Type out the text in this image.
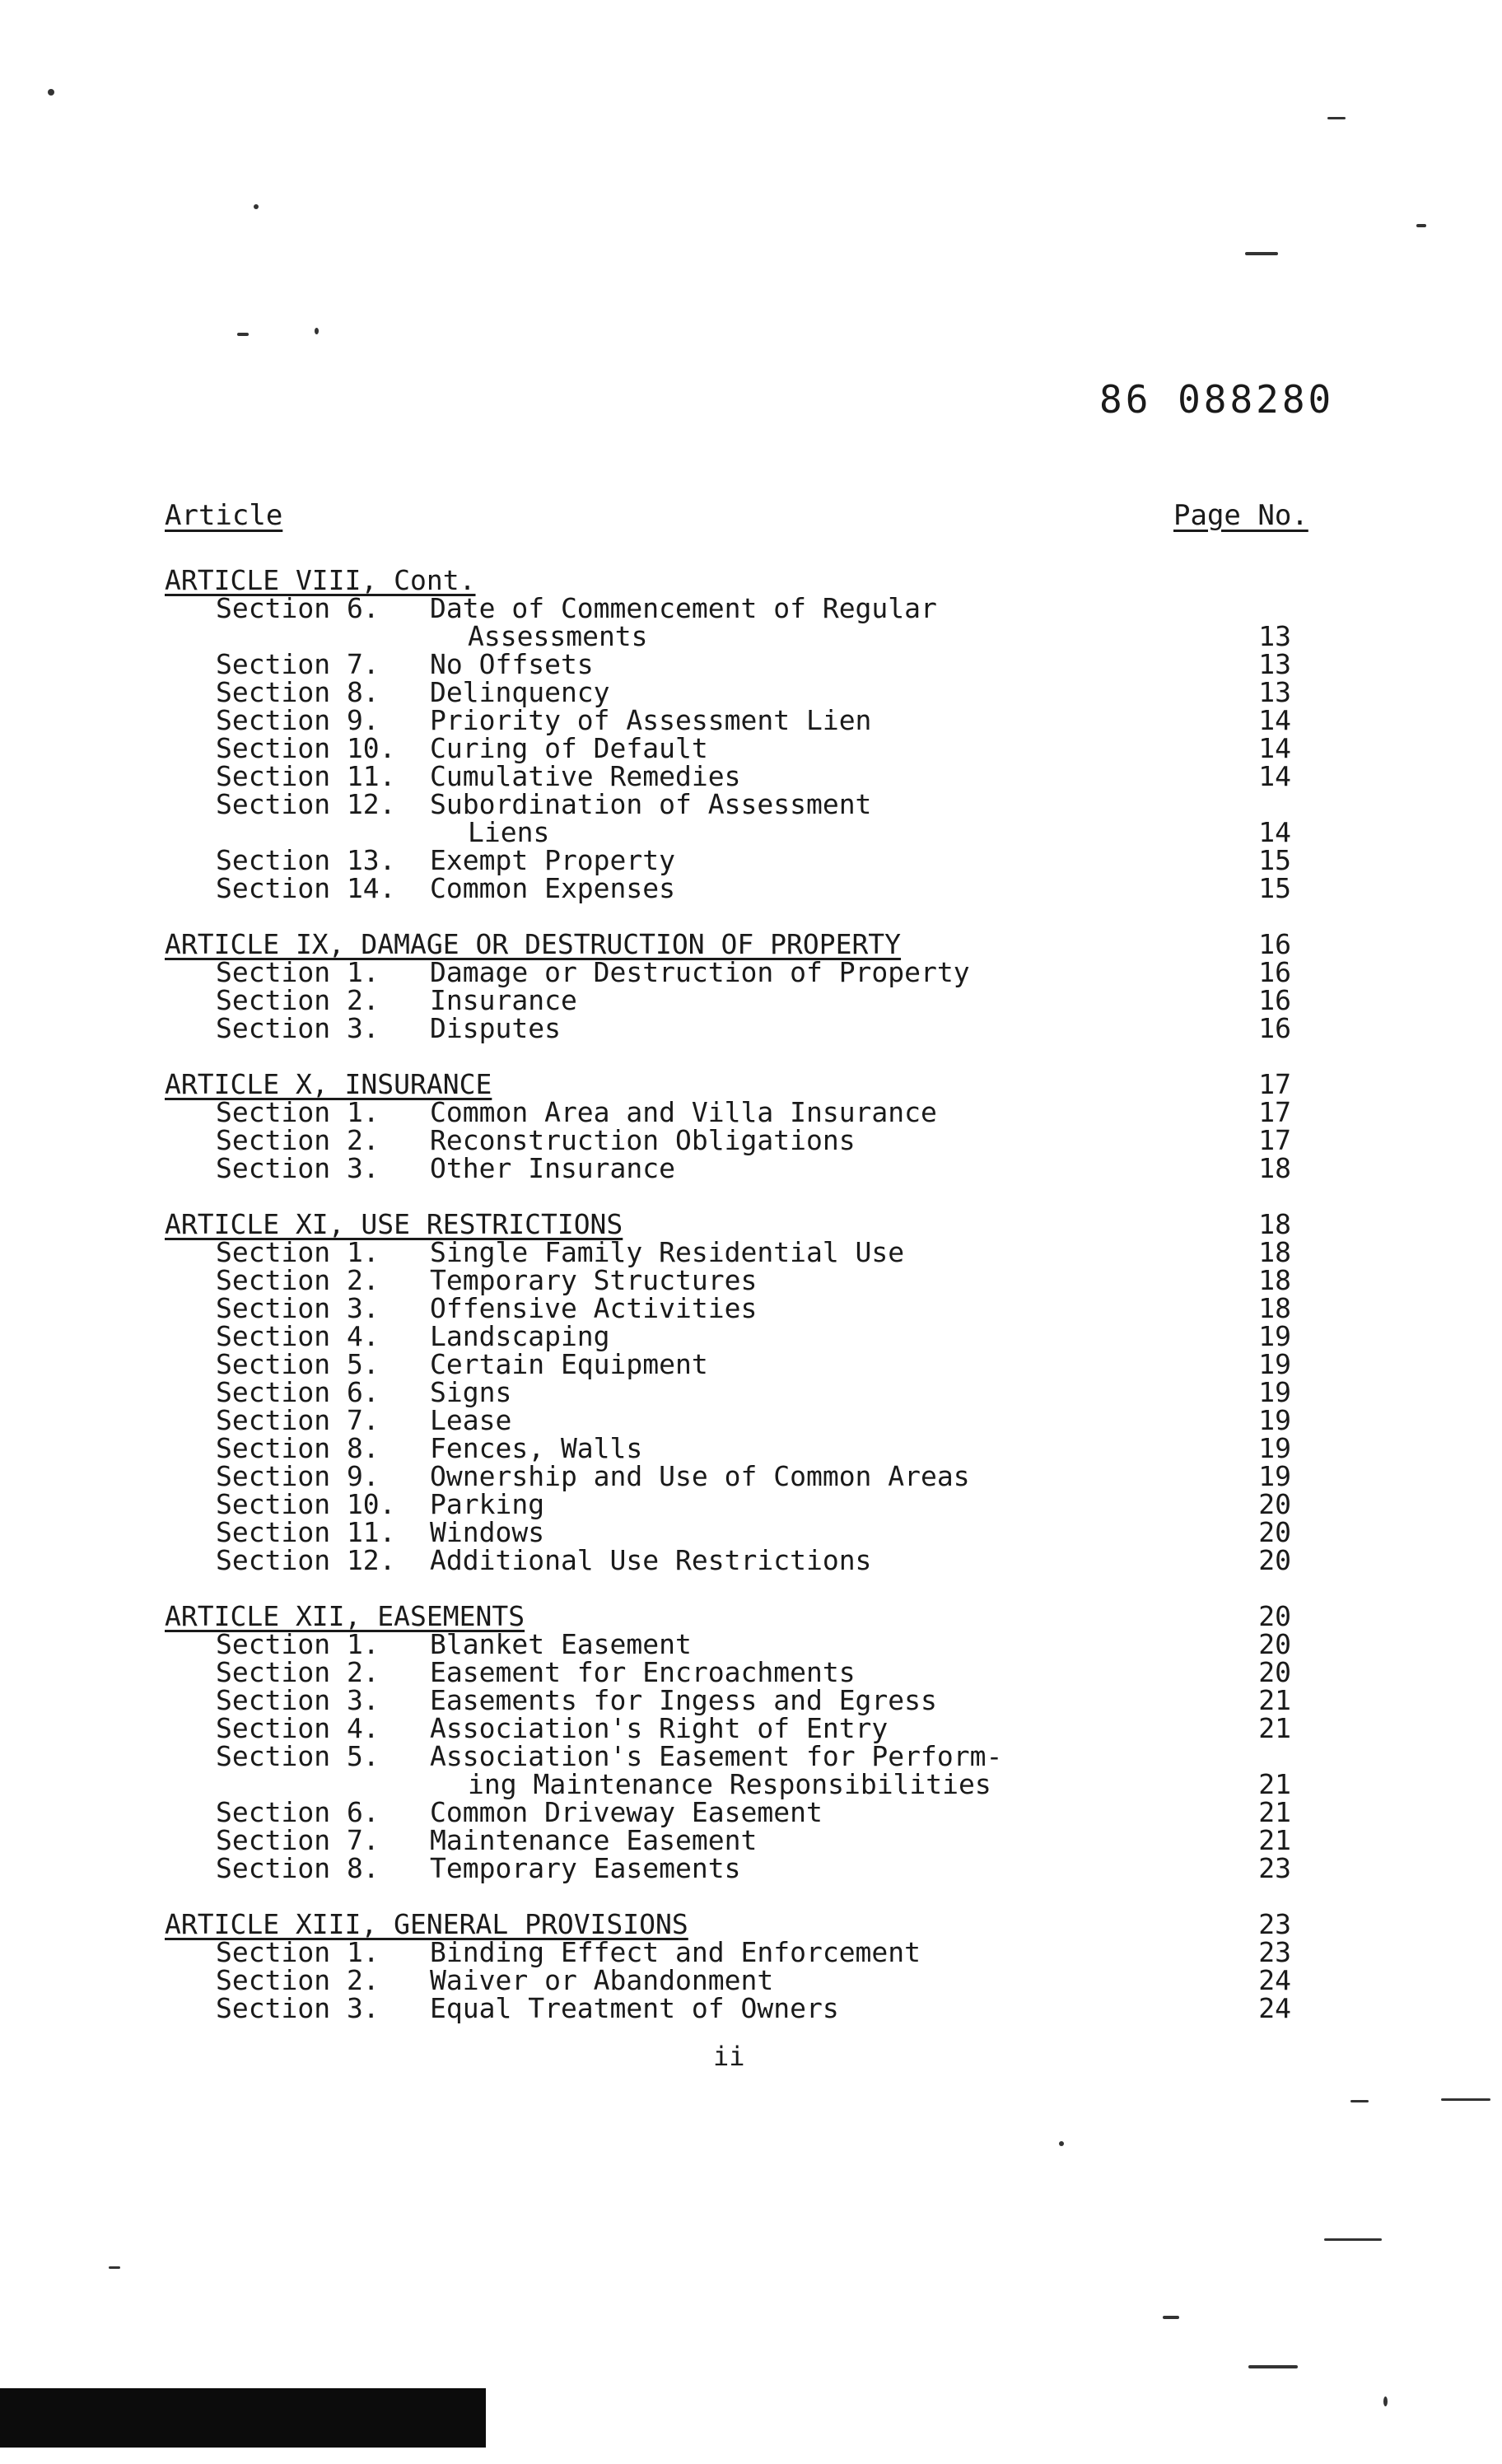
86 088280
Article	Page No.
ARTICLE VIII, Cont.
Section 6. Date of Commencement of Regular
Assessments	13
Section 7. No Offsets	13
Section 8. Delinquency	13
Section 9. Priority of Assessment Lien	14
Section 10. Curing of Default	14
Section 11. Cumulative Remedies	14
Section 12. Subordination of Assessment
Liens	14
Section 13. Exempt Property	15
Section 14. Common Expenses	15
ARTICLE IX, DAMAGE OR DESTRUCTION OF PROPERTY	16
Section 1. Damage or Destruction of Property	16
Section 2. Insurance	16
Section 3. Disputes	16
ARTICLE X, INSURANCE	17
Section 1. Common Area and Villa Insurance	17
Section 2. Reconstruction Obligations	17
Section 3. Other Insurance	18
ARTICLE XI, USE RESTRICTIONS	18
Section 1. Single Family Residential Use	18
Section 2. Temporary Structures	18
Section 3. Offensive Activities	18
Section 4. Landscaping	19
Section 5. Certain Equipment	19
Section 6. Signs	19
Section 7. Lease	19
Section 8. Fences, Walls	19
Section 9. Ownership and Use of Common Areas	19
Section 10. Parking	20
Section 11. Windows	20
Section 12. Additional Use Restrictions	20
ARTICLE XII, EASEMENTS	20
Section 1. Blanket Easement	20
Section 2. Easement for Encroachments	20
Section 3. Easements for Ingess and Egress	21
Section 4. Association's Right of Entry	21
Section 5. Association's Easement for Perform-
ing Maintenance Responsibilities	21
Section 6. Common Driveway Easement	21
Section 7. Maintenance Easement	21
Section 8. Temporary Easements	23
ARTICLE XIII, GENERAL PROVISIONS	23
Section 1. Binding Effect and Enforcement	23
Section 2. Waiver or Abandonment	24
Section 3. Equal Treatment of Owners	24
ii
